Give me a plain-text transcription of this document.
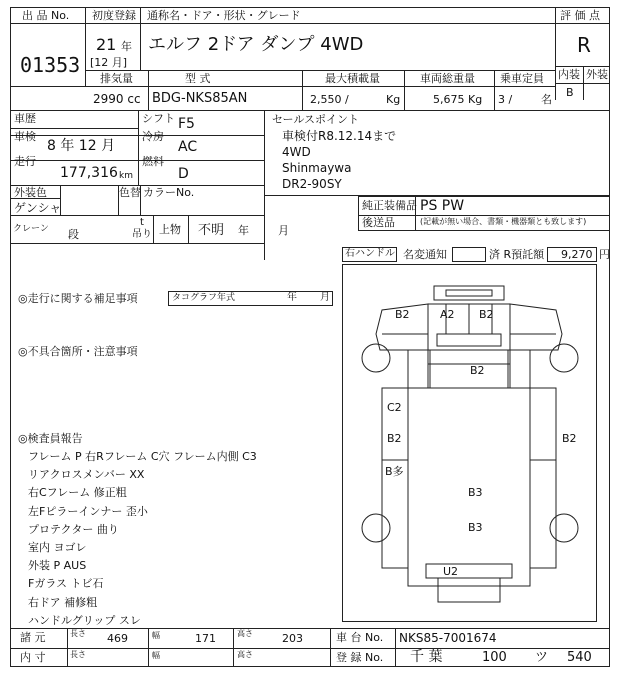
出 品 No.
01353
初度登録 通称名・ドア・形状・グレード
21 年
[12 月]
エルフ 2ドア ダンプ 4WD
評 価 点
R
内装 外装
B
排気量	型 式	最大積載量	車両総重量 乗車定員
2990 cc BDG-NKS85AN	2,550 /	Kg	5,675 Kg 3 /	名
車歴	シフト F5
車検
8 年 12 月
冷房
AC
走行
177,316 km
燃料
D
外装色
ゲンシャ
色替 カラーNo.
クレーン 段
t
吊り 上物 不明 年	月
セールスポイント
車検付R8.12.14まで
4WD
Shinmaywa
DR2-90SY
純正装備品 PS PW
後送品	(記載が無い場合、書類・機器類とも致します)
右ハンドル 名変通知	済 R預託額 9,270 円
◎走行に関する補足事項	タコグラフ年式	年 月
◎不具合箇所・注意事項
◎検査員報告
フレーム P 右Rフレーム C穴 フレーム内側 C3
リアクロスメンバー XX
右Cフレーム 修正粗
左Fピラーインナー 歪小
プロテクター 曲り
室内 ヨゴレ
外装 P AUS
Fガラス トビ石
右ドア 補修粗
ハンドルグリップ スレ
B2	A2 B2
B2
C2
B2	B2
B多
B3
B3
U2
諸 元	長さ 469	幅	171	高さ	203	車 台 No. NKS85-7001674
内 寸	長さ	幅	高さ	登 録 No. 千 葉	100 ツ 540
